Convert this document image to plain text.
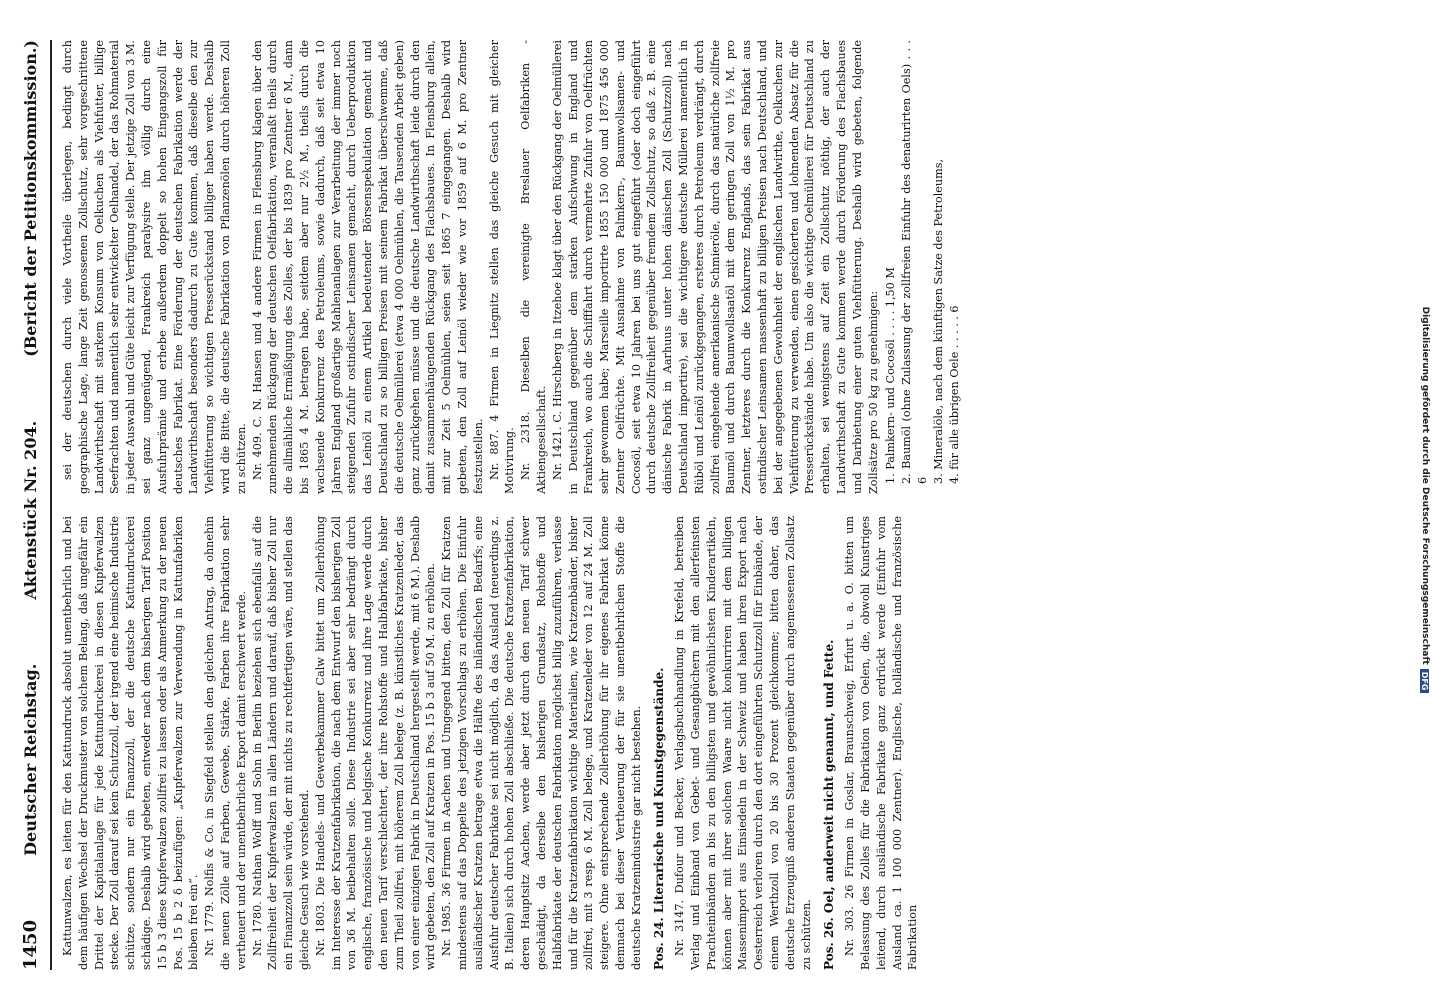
1450
Deutscher Reichstag.
Aktenstück Nr. 204.
(Bericht der Petitionskommission.)

Kattunwalzen, es leiten für den Kattundruck absolut unentbehrlich und bei dem häufigen Wechsel der Druckmuster von solchem Belang, daß ungefähr ein Drittel der Kapitalanlage für jede Kattundruckerei in diesen Kupferwalzen stecke. Der Zoll darauf sei kein Schutzzoll, der irgend eine heimische Industrie schütze, sondern nur ein Finanzzoll, der die deutsche Kattundruckerei schädige. Deshalb wird gebeten, entweder nach dem bisherigen Tarif Position 15 b 3 diese Kupferwalzen zollfrei zu lassen oder als Anmerkung zu der neuen Pos. 15 b 2 δ beizufügen: „Kupferwalzen zur Verwendung in Kattunfabriken bleiben frei ein“. Nr. 1779. Nolfis & Co. in Siegfeld stellen den gleichen Antrag, da ohnehin die neuen Zölle auf Farben, Gewebe, Stärke, Farben ihre Fabrikation sehr vertheuert und der unentbehrliche Export damit erschwert werde. Nr. 1780. Nathan Wolff und Sohn in Berlin beziehen sich ebenfalls auf die Zollfreiheit der Kupferwalzen in allen Ländern und darauf, daß bisher Zoll nur ein Finanzzoll sein würde, der mit nichts zu rechtfertigen wäre, und stellen das gleiche Gesuch wie vorstehend. Nr. 1803. Die Handels- und Gewerbekammer Calw bittet um Zollerhöhung im Interesse der Kratzenfabrikation, die nach dem Entwurf den bisherigen Zoll von 36 M. beibehalten solle. Diese Industrie sei aber sehr bedrängt durch englische, französische und belgische Konkurrenz und ihre Lage werde durch den neuen Tarif verschlechtert, der ihre Rohstoffe und Halbfabrikate, bisher zum Theil zollfrei, mit höherem Zoll belege (z. B. künstliches Kratzenleder, das von einer einzigen Fabrik in Deutschland hergestellt werde, mit 6 M.). Deshalb wird gebeten, den Zoll auf Kratzen in Pos. 15 b 3 auf 50 M. zu erhöhen. Nr. 1985. 36 Firmen in Aachen und Umgegend bitten, den Zoll für Kratzen mindestens auf das Doppelte des jetzigen Vorschlags zu erhöhen. Die Einfuhr ausländischer Kratzen betrage etwa die Hälfte des inländischen Bedarfs; eine Ausfuhr deutscher Fabrikate sei nicht möglich, da das Ausland (neuerdings z. B. Italien) sich durch hohen Zoll abschließe. Die deutsche Kratzenfabrikation, deren Hauptsitz Aachen, werde aber jetzt durch den neuen Tarif schwer geschädigt, da derselbe den bisherigen Grundsatz, Rohstoffe und Halbfabrikate der deutschen Fabrikation möglichst billig zuzuführen, verlasse und für die Kratzenfabrikation wichtige Materialien, wie Kratzenbänder, bisher zollfrei, mit 3 resp. 6 M. Zoll belege, und Kratzenleder von 12 auf 24 M. Zoll steigere. Ohne entsprechende Zollerhöhung für ihr eigenes Fabrikat könne demnach bei dieser Vertheuerung der für sie unentbehrlichen Stoffe die deutsche Kratzenindustrie gar nicht bestehen. Pos. 24. Literarische und Kunstgegenstände. Nr. 3147. Dufour und Becker, Verlagsbuchhandlung in Krefeld, betreiben Verlag und Einband von Gebet- und Gesangbüchern mit den allerfeinsten Prachteinbänden an bis zu den billigsten und gewöhnlichsten Kinderartikeln, können aber mit ihrer solchen Waare nicht konkurriren mit dem billigen Massenimport aus Einsiedeln in der Schweiz und haben ihren Export nach Oesterreich verloren durch den dort eingeführten Schutzzoll für Einbände, der einem Werthzoll von 20 bis 30 Prozent gleichkomme; bitten daher, das deutsche Erzeugniß anderen Staaten gegenüber durch angemessenen Zollsatz zu schützen. Pos. 26. Oel, anderweit nicht genannt, und Fette. Nr. 303. 26 Firmen in Goslar, Braunschweig, Erfurt u. a. O. bitten um Belassung des Zolles für die Fabrikation von Oelen, die, obwohl Kunstriges leitend, durch ausländische Fabrikate ganz erdrückt werde (Einfuhr vom Ausland ca. 1 100 000 Zentner). Englische, holländische und französische Fabrikation

sei der deutschen durch viele Vortheile überlegen, bedingt durch geographische Lage, lange Zeit genossenen Zollschutz, sehr vorgeschrittene Landwirthschaft mit starkem Konsum von Oelkuchen als Viehfutter, billige Seefrachten und namentlich sehr entwickelter Oelhandel, der das Rohmaterial in jeder Auswahl und Güte leicht zur Verfügung stelle. Der jetzige Zoll von 3 M. sei ganz ungenügend, Frankreich paralysire ihn völlig durch eine Ausfuhrprämie und erhebe außerdem doppelt so hohen Eingangszoll für deutsches Fabrikat. Eine Förderung der deutschen Fabrikation werde der Landwirthschaft besonders dadurch zu Gute kommen, daß dieselbe den zur Viehfütterung so wichtigen Presserückstand billiger haben werde. Deshalb wird die Bitte, die deutsche Fabrikation von Pflanzenölen durch höheren Zoll zu schützen. Nr. 409. C. N. Hansen und 4 andere Firmen in Flensburg klagen über den zunehmenden Rückgang der deutschen Oelfabrikation, veranlaßt theils durch die allmähliche Ermäßigung des Zolles, der bis 1839 pro Zentner 6 M., dann bis 1865 4 M. betragen habe, seitdem aber nur 2½ M., theils durch die wachsende Konkurrenz des Petroleums, sowie dadurch, daß seit etwa 10 Jahren England großartige Mahlenanlagen zur Verarbeitung der immer noch steigenden Zufuhr ostindischer Leinsamen gemacht, durch Ueberproduktion das Leinöl zu einem Artikel bedeutender Börsenspekulation gemacht und Deutschland zu so billigen Preisen mit seinem Fabrikat überschwemme, daß die deutsche Oelmüllerei (etwa 4 000 Oelmühlen, die Tausenden Arbeit geben) ganz zurückgehen müsse und die deutsche Landwirthschaft leide durch den damit zusammenhängenden Rückgang des Flachsbaues. In Flensburg allein, mit zur Zeit 5 Oelmühlen, seien seit 1865 7 eingegangen. Deshalb wird gebeten, den Zoll auf Leinöl wieder wie vor 1859 auf 6 M. pro Zentner festzustellen. Nr. 887. 4 Firmen in Liegnitz stellen das gleiche Gesuch mit gleicher Motivirung. Nr. 2318. Dieselben die vereinigte Breslauer Oelfabriken - Aktiengesellschaft. Nr. 1421. C. Hirschberg in Itzehoe klagt über den Rückgang der Oelmüllerei in Deutschland gegenüber dem starken Aufschwung in England und Frankreich, wo auch die Schifffahrt durch vermehrte Zufuhr von Oelfrüchten sehr gewonnen habe; Marseille importirte 1855 150 000 und 1875 456 000 Zentner Oelfrüchte. Mit Ausnahme von Palmkern-, Baumwollsamen- und Cocosöl, seit etwa 10 Jahren bei uns gut eingeführt (oder doch eingeführt durch deutsche Zollfreiheit gegenüber fremdem Zollschutz, so daß z. B. eine dänische Fabrik in Aarhuus unter hohen dänischen Zoll (Schutzzoll) nach Deutschland importire), sei die wichtigere deutsche Müllerei namentlich in Rüböl und Leinöl zurückgegangen, ersteres durch Petroleum verdrängt, durch zollfrei eingehende amerikanische Schmieröle, durch das natürliche zollfreie Baumöl und durch Baumwollsaatöl mit dem geringen Zoll von 1½ M. pro Zentner, letzteres durch die Konkurrenz Englands, das sein Fabrikat aus ostindischer Leinsamen massenhaft zu billigen Preisen nach Deutschland, und bei der angegebenen Gewohnheit der englischen Landwirthe, Oelkuchen zur Viehfütterung zu verwenden, einen gesicherten und lohnenden Absatz für die Presserückstände habe. Um also die wichtige Oelmüllerei für Deutschland zu erhalten, sei wenigstens auf Zeit ein Zollschutz nöthig, der auch der Landwirthschaft zu Gute kommen werde durch Förderung des Flachsbaues und Darbietung einer guten Viehfütterung. Deshalb wird gebeten, folgende Zollsätze pro 50 kg zu genehmigen: 1. Palmkern- und Cocosöl . . . . 1,50 M 2. Baumöl (ohne Zulassung der zollfreien Einfuhr des denaturirten Oels) . . . 6 3. Mineralöle, nach dem künftigen Satze des Petroleums, 4. für alle übrigen Oele . . . . . 6	Digitalisierung gefördert durch die Deutsche Forschungsgemeinschaft
DFG
